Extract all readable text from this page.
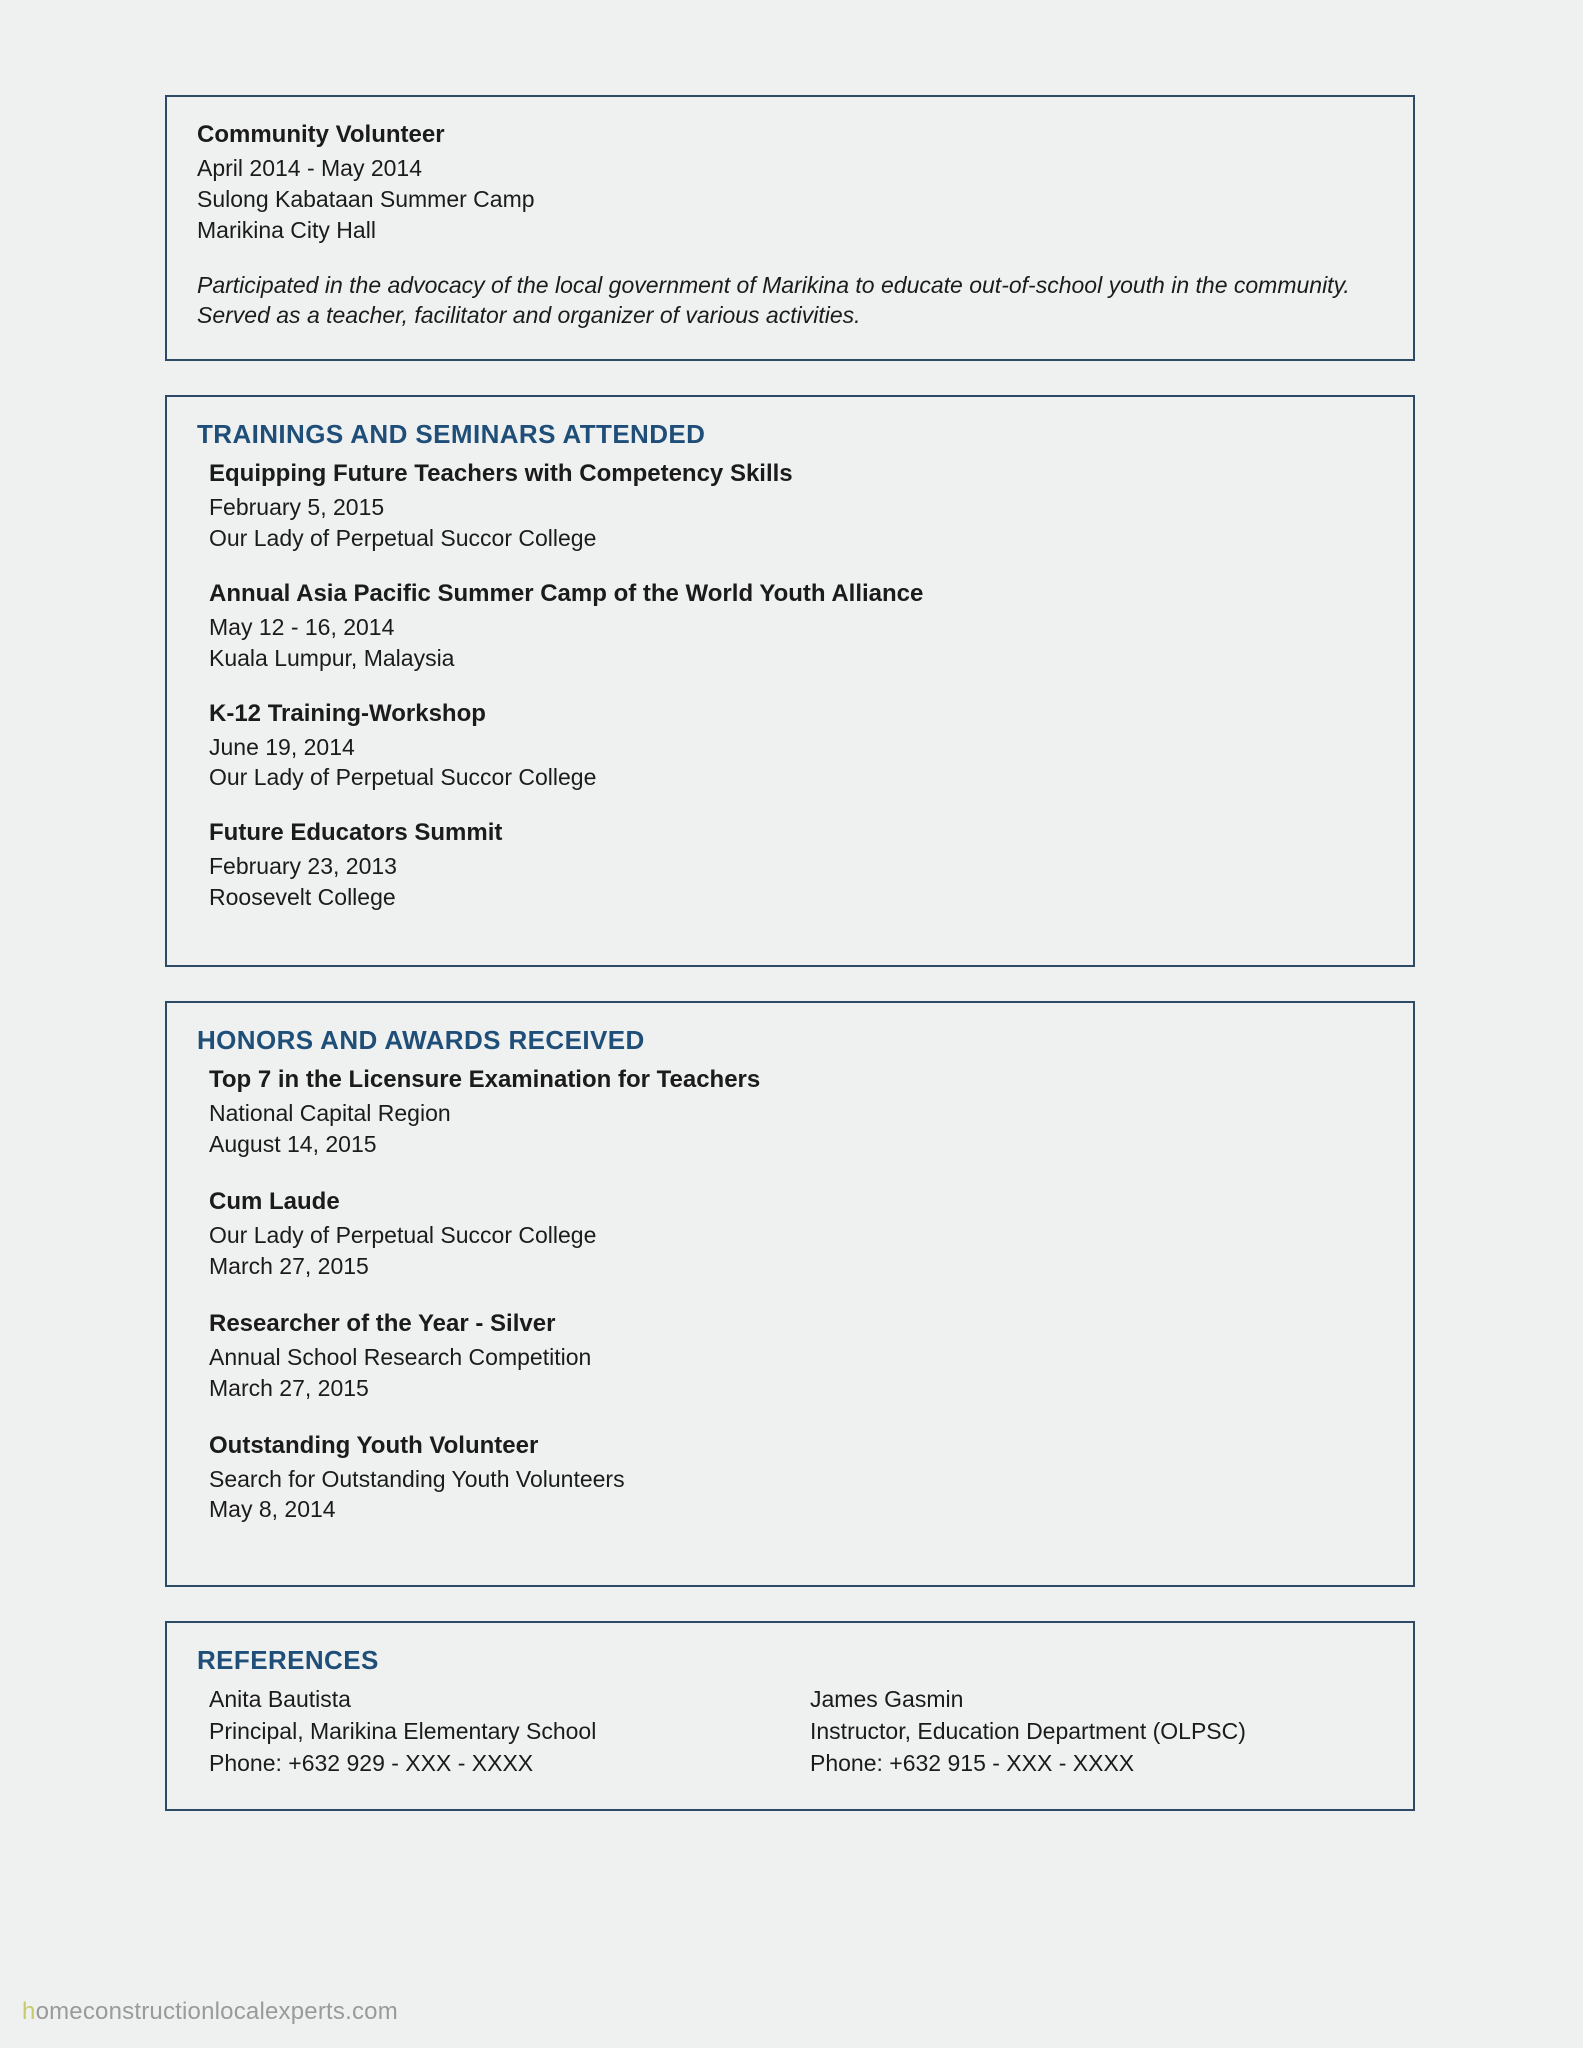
Community Volunteer
April 2014 - May 2014
Sulong Kabataan Summer Camp
Marikina City Hall
Participated in the advocacy of the local government of Marikina to educate out-of-school youth in the community. Served as a teacher, facilitator and organizer of various activities.
TRAININGS AND SEMINARS ATTENDED
Equipping Future Teachers with Competency Skills
February 5, 2015
Our Lady of Perpetual Succor College
Annual Asia Pacific Summer Camp of the World Youth Alliance
May 12 - 16, 2014
Kuala Lumpur, Malaysia
K-12 Training-Workshop
June 19, 2014
Our Lady of Perpetual Succor College
Future Educators Summit
February 23, 2013
Roosevelt College
HONORS AND AWARDS RECEIVED
Top 7 in the Licensure Examination for Teachers
National Capital Region
August 14, 2015
Cum Laude
Our Lady of Perpetual Succor College
March 27, 2015
Researcher of the Year - Silver
Annual School Research Competition
March 27, 2015
Outstanding Youth Volunteer
Search for Outstanding Youth Volunteers
May 8, 2014
REFERENCES
Anita Bautista
Principal, Marikina Elementary School
Phone: +632 929 - XXX - XXXX
James Gasmin
Instructor, Education Department (OLPSC)
Phone: +632 915 - XXX - XXXX
homeconstructionlocalexperts.com
